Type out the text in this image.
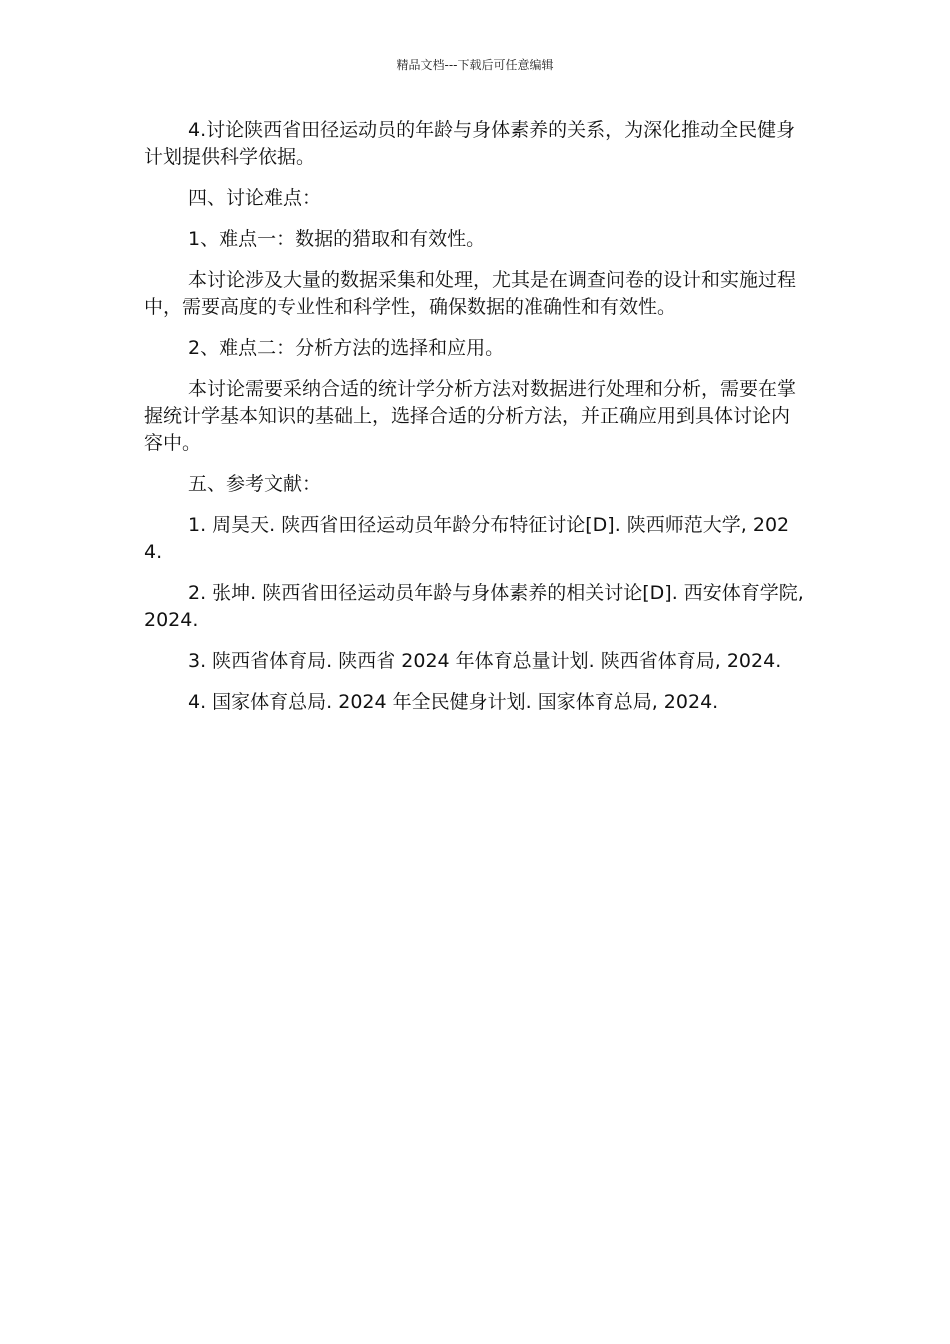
精品文档---下载后可任意编辑

4.讨论陕西省田径运动员的年龄与身体素养的关系，为深化推动全民健身计划提供科学依据。

四、讨论难点：

1、难点一：数据的猎取和有效性。

本讨论涉及大量的数据采集和处理，尤其是在调查问卷的设计和实施过程中，需要高度的专业性和科学性，确保数据的准确性和有效性。

2、难点二：分析方法的选择和应用。

本讨论需要采纳合适的统计学分析方法对数据进行处理和分析，需要在掌握统计学基本知识的基础上，选择合适的分析方法，并正确应用到具体讨论内容中。

五、参考文献：

1. 周昊天. 陕西省田径运动员年龄分布特征讨论[D]. 陕西师范大学, 2024.

2. 张坤. 陕西省田径运动员年龄与身体素养的相关讨论[D]. 西安体育学院, 2024.

3. 陕西省体育局. 陕西省 2024 年体育总量计划. 陕西省体育局, 2024.

4. 国家体育总局. 2024 年全民健身计划. 国家体育总局, 2024.
